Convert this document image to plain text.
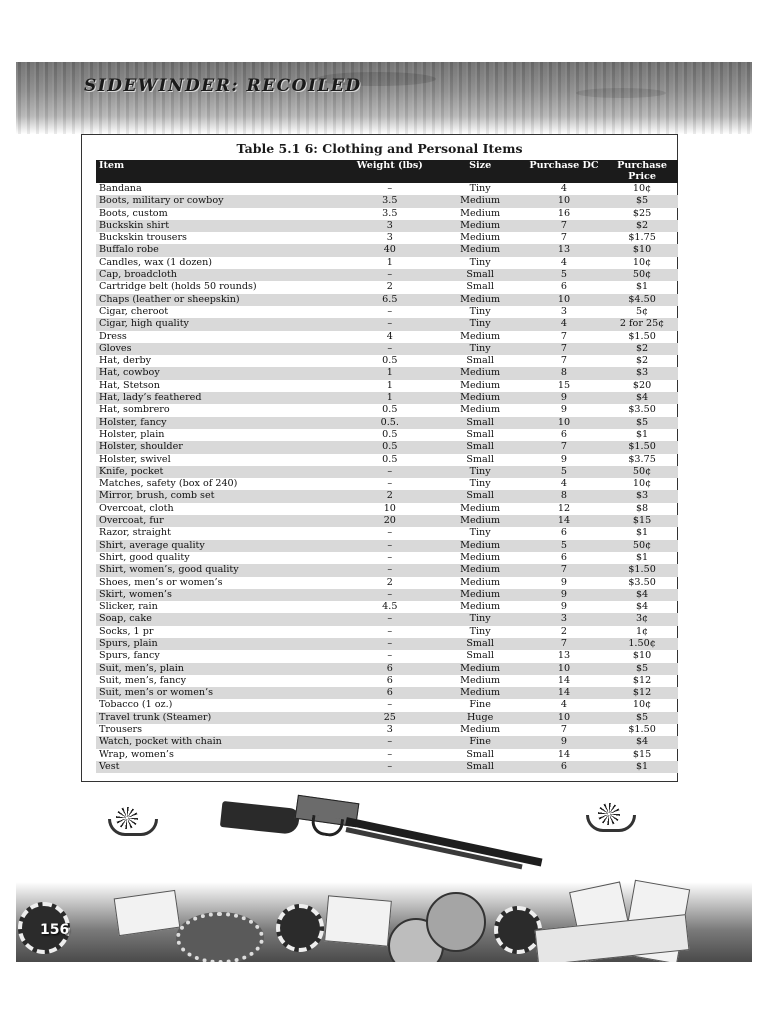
SIDEWINDER: RECOILED
Table 5.1 6: Clothing and Personal Items
Item	Weight (lbs)	Size	Purchase DC	Purchase Price
Bandana	–	Tiny	4	10¢
Boots, military or cowboy	3.5	Medium	10	$5
Boots, custom	3.5	Medium	16	$25
Buckskin shirt	3	Medium	7	$2
Buckskin trousers	3	Medium	7	$1.75
Buffalo robe	40	Medium	13	$10
Candles, wax (1 dozen)	1	Tiny	4	10¢
Cap, broadcloth	–	Small	5	50¢
Cartridge belt (holds 50 rounds)	2	Small	6	$1
Chaps (leather or sheepskin)	6.5	Medium	10	$4.50
Cigar, cheroot	–	Tiny	3	5¢
Cigar, high quality	–	Tiny	4	2 for 25¢
Dress	4	Medium	7	$1.50
Gloves	–	Tiny	7	$2
Hat, derby	0.5	Small	7	$2
Hat, cowboy	1	Medium	8	$3
Hat, Stetson	1	Medium	15	$20
Hat, lady’s feathered	1	Medium	9	$4
Hat, sombrero	0.5	Medium	9	$3.50
Holster, fancy	0.5.	Small	10	$5
Holster, plain	0.5	Small	6	$1
Holster, shoulder	0.5	Small	7	$1.50
Holster, swivel	0.5	Small	9	$3.75
Knife, pocket	–	Tiny	5	50¢
Matches, safety (box of 240)	–	Tiny	4	10¢
Mirror, brush, comb set	2	Small	8	$3
Overcoat, cloth	10	Medium	12	$8
Overcoat, fur	20	Medium	14	$15
Razor, straight	–	Tiny	6	$1
Shirt, average quality	–	Medium	5	50¢
Shirt, good quality	–	Medium	6	$1
Shirt, women’s, good quality	–	Medium	7	$1.50
Shoes, men’s or women’s	2	Medium	9	$3.50
Skirt, women’s	–	Medium	9	$4
Slicker, rain	4.5	Medium	9	$4
Soap, cake	–	Tiny	3	3¢
Socks, 1 pr	–	Tiny	2	1¢
Spurs, plain	–	Small	7	1.50¢
Spurs, fancy	–	Small	13	$10
Suit, men’s, plain	6	Medium	10	$5
Suit, men’s, fancy	6	Medium	14	$12
Suit, men’s or women’s	6	Medium	14	$12
Tobacco (1 oz.)	–	Fine	4	10¢
Travel trunk (Steamer)	25	Huge	10	$5
Trousers	3	Medium	7	$1.50
Watch, pocket with chain	–	Fine	9	$4
Wrap, women’s	–	Small	14	$15
Vest	–	Small	6	$1
156
